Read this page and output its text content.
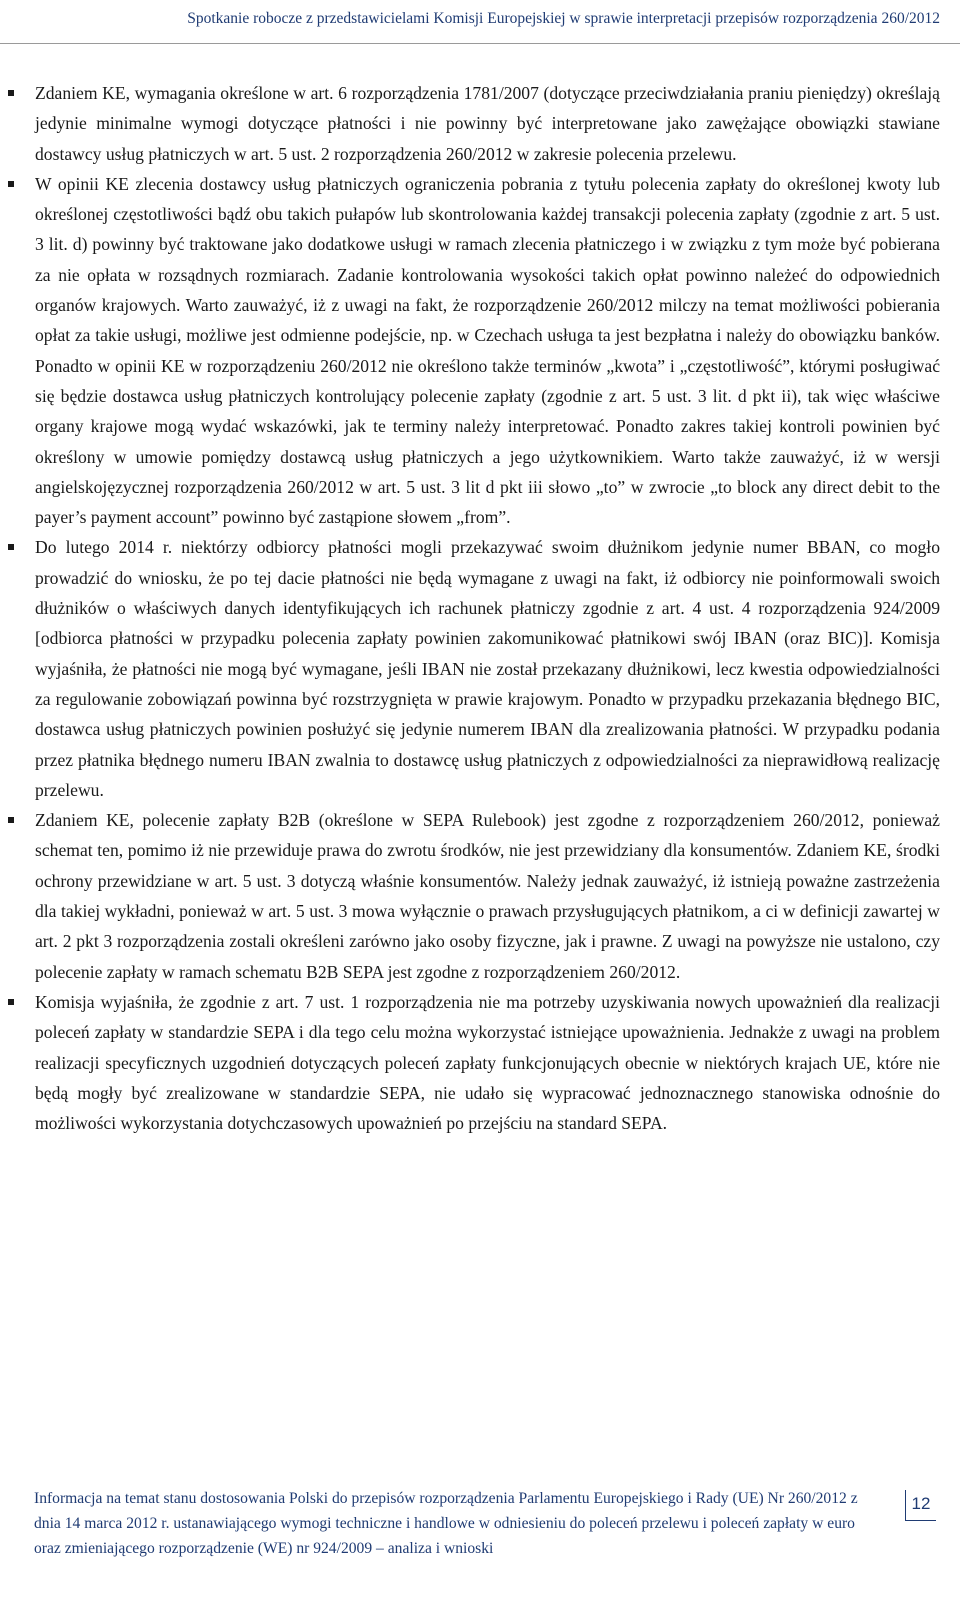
Spotkanie robocze z przedstawicielami Komisji Europejskiej w sprawie interpretacji przepisów rozporządzenia 260/2012
Zdaniem KE, wymagania określone w art. 6 rozporządzenia 1781/2007 (dotyczące przeciwdziałania praniu pieniędzy) określają jedynie minimalne wymogi dotyczące płatności i nie powinny być interpretowane jako zawężające obowiązki stawiane dostawcy usług płatniczych w art. 5 ust. 2 rozporządzenia 260/2012 w zakresie polecenia przelewu.
W opinii KE zlecenia dostawcy usług płatniczych ograniczenia pobrania z tytułu polecenia zapłaty do określonej kwoty lub określonej częstotliwości bądź obu takich pułapów lub skontrolowania każdej transakcji polecenia zapłaty (zgodnie z art. 5 ust. 3 lit. d) powinny być traktowane jako dodatkowe usługi w ramach zlecenia płatniczego i w związku z tym może być pobierana za nie opłata w rozsądnych rozmiarach. Zadanie kontrolowania wysokości takich opłat powinno należeć do odpowiednich organów krajowych. Warto zauważyć, iż z uwagi na fakt, że rozporządzenie 260/2012 milczy na temat możliwości pobierania opłat za takie usługi, możliwe jest odmienne podejście, np. w Czechach usługa ta jest bezpłatna i należy do obowiązku banków. Ponadto w opinii KE w rozporządzeniu 260/2012 nie określono także terminów „kwota” i „częstotliwość”, którymi posługiwać się będzie dostawca usług płatniczych kontrolujący polecenie zapłaty (zgodnie z art. 5 ust. 3 lit. d pkt ii), tak więc właściwe organy krajowe mogą wydać wskazówki, jak te terminy należy interpretować. Ponadto zakres takiej kontroli powinien być określony w umowie pomiędzy dostawcą usług płatniczych a jego użytkownikiem. Warto także zauważyć, iż w wersji angielskojęzycznej rozporządzenia 260/2012 w art. 5 ust. 3 lit d pkt iii słowo „to” w zwrocie „to block any direct debit to the payer’s payment account” powinno być zastąpione słowem „from”.
Do lutego 2014 r. niektórzy odbiorcy płatności mogli przekazywać swoim dłużnikom jedynie numer BBAN, co mogło prowadzić do wniosku, że po tej dacie płatności nie będą wymagane z uwagi na fakt, iż odbiorcy nie poinformowali swoich dłużników o właściwych danych identyfikujących ich rachunek płatniczy zgodnie z art. 4 ust. 4 rozporządzenia 924/2009 [odbiorca płatności w przypadku polecenia zapłaty powinien zakomunikować płatnikowi swój IBAN (oraz BIC)]. Komisja wyjaśniła, że płatności nie mogą być wymagane, jeśli IBAN nie został przekazany dłużnikowi, lecz kwestia odpowiedzialności za regulowanie zobowiązań powinna być rozstrzygnięta w prawie krajowym. Ponadto w przypadku przekazania błędnego BIC, dostawca usług płatniczych powinien posłużyć się jedynie numerem IBAN dla zrealizowania płatności. W przypadku podania przez płatnika błędnego numeru IBAN zwalnia to dostawcę usług płatniczych z odpowiedzialności za nieprawidłową realizację przelewu.
Zdaniem KE, polecenie zapłaty B2B (określone w SEPA Rulebook) jest zgodne z rozporządzeniem 260/2012, ponieważ schemat ten, pomimo iż nie przewiduje prawa do zwrotu środków, nie jest przewidziany dla konsumentów. Zdaniem KE, środki ochrony przewidziane w art. 5 ust. 3 dotyczą właśnie konsumentów. Należy jednak zauważyć, iż istnieją poważne zastrzeżenia dla takiej wykładni, ponieważ w art. 5 ust. 3 mowa wyłącznie o prawach przysługujących płatnikom, a ci w definicji zawartej w art. 2 pkt 3 rozporządzenia zostali określeni zarówno jako osoby fizyczne, jak i prawne. Z uwagi na powyższe nie ustalono, czy polecenie zapłaty w ramach schematu B2B SEPA jest zgodne z rozporządzeniem 260/2012.
Komisja wyjaśniła, że zgodnie z art. 7 ust. 1 rozporządzenia nie ma potrzeby uzyskiwania nowych upoważnień dla realizacji poleceń zapłaty w standardzie SEPA i dla tego celu można wykorzystać istniejące upoważnienia. Jednakże z uwagi na problem realizacji specyficznych uzgodnień dotyczących poleceń zapłaty funkcjonujących obecnie w niektórych krajach UE, które nie będą mogły być zrealizowane w standardzie SEPA, nie udało się wypracować jednoznacznego stanowiska odnośnie do możliwości wykorzystania dotychczasowych upoważnień po przejściu na standard SEPA.
Informacja na temat stanu dostosowania Polski do przepisów rozporządzenia Parlamentu Europejskiego i Rady (UE) Nr 260/2012 z dnia 14 marca 2012 r. ustanawiającego wymogi techniczne i handlowe w odniesieniu do poleceń przelewu i poleceń zapłaty w euro oraz zmieniającego rozporządzenie (WE) nr 924/2009 – analiza i wnioski
12
